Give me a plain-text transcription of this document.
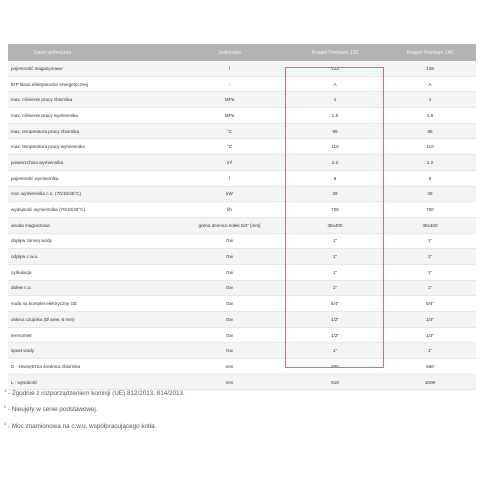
Dane techniczne	Jednostka	Kospel Premium 120	Kospel Premium 140
pojemność magazynowa¹	l	123	139
ErP klasa efektywności energetycznej	-	A	A
max. ciśnienie pracy zbiornika	MPa	1	1
max. ciśnienie pracy wymiennika	MPa	1.6	1.6
max. temperatura pracy zbiornika	°C	95	95
max. temperatura pracy wymiennika	°C	110	110
powierzchnia wymiennika	m²	1.2	1.2
pojemność wymiennika	l	8	8
moc wymiennika c.o. (70/10/45°C)	kW	29	29
wydajność wymiennika (70/10/45°C)	l/h	700	700
anoda magnezowa	górna dennica kołek 5/4" [mm]	38x400	38x400
dopływ zimnej wody	Gw	1"	1"
odpływ c.w.u.	Gw	1"	1"
cyrkulacja	Gw	1"	1"
dolew c.o.	Gw	1"	1"
mufa na komplet elektryczny GE	Gw	5/4"	5/4"
osłona czujnika (Ø wew. 6 mm)	Gw	1/2"	1/2"
termometr	Gw	1/2"	1/2"
spust wody	Gw	1"	1"
D - zewnętrzna średnica zbiornika	mm	660	660
L - wysokość	mm	910	1009

$^1$ - Zgodnie z rozporządzeniem komisji (UE) 812/2013, 814/2013.

$^2$ - Nieujęty w cenie podstawowej.

$^3$ - Moc znamionowa na c.w.u. współpracującego kotła.
